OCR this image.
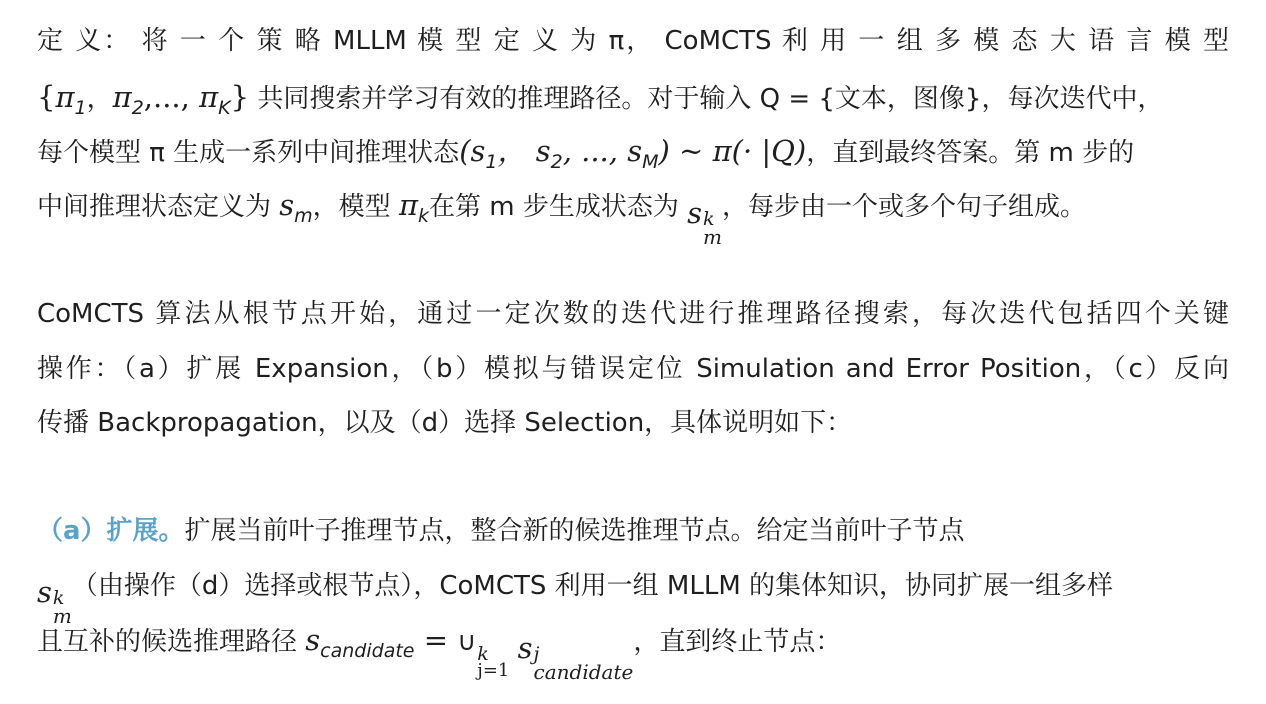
定 义： 将 一 个 策 略 MLLM 模 型 定 义 为 π， CoMCTS 利 用 一 组 多 模 态 大 语 言 模 型
{$\pi_1$，$\pi_2$,..., $\pi_K$} 共同搜索并学习有效的推理路径。对于输入 Q = {文本，图像}，每次迭代中，
每个模型 π 生成一系列中间推理状态($s_1$， $s_2$, ..., $s_M$) ~ π(· |Q)，直到最终答案。第 m 步的
中间推理状态定义为 $s_m$，模型 $\pi_k$在第 m 步生成状态为 s k
m
，每步由一个或多个句子组成。
CoMCTS 算法从根节点开始，通过一定次数的迭代进行推理路径搜索，每次迭代包括四个关键
操作：（a）扩展 Expansion，（b）模拟与错误定位 Simulation and Error Position，（c）反向
传播 Backpropagation，以及（d）选择 Selection，具体说明如下：
（a）扩展。扩展当前叶子推理节点，整合新的候选推理节点。给定当前叶子节点
s k
m
（由操作（d）选择或根节点），CoMCTS 利用一组 MLLM 的集体知识，协同扩展一组多样
且互补的候选推理路径 $s_{candidate}$ = ∪ k
j=1
s j
candidate
，直到终止节点：
